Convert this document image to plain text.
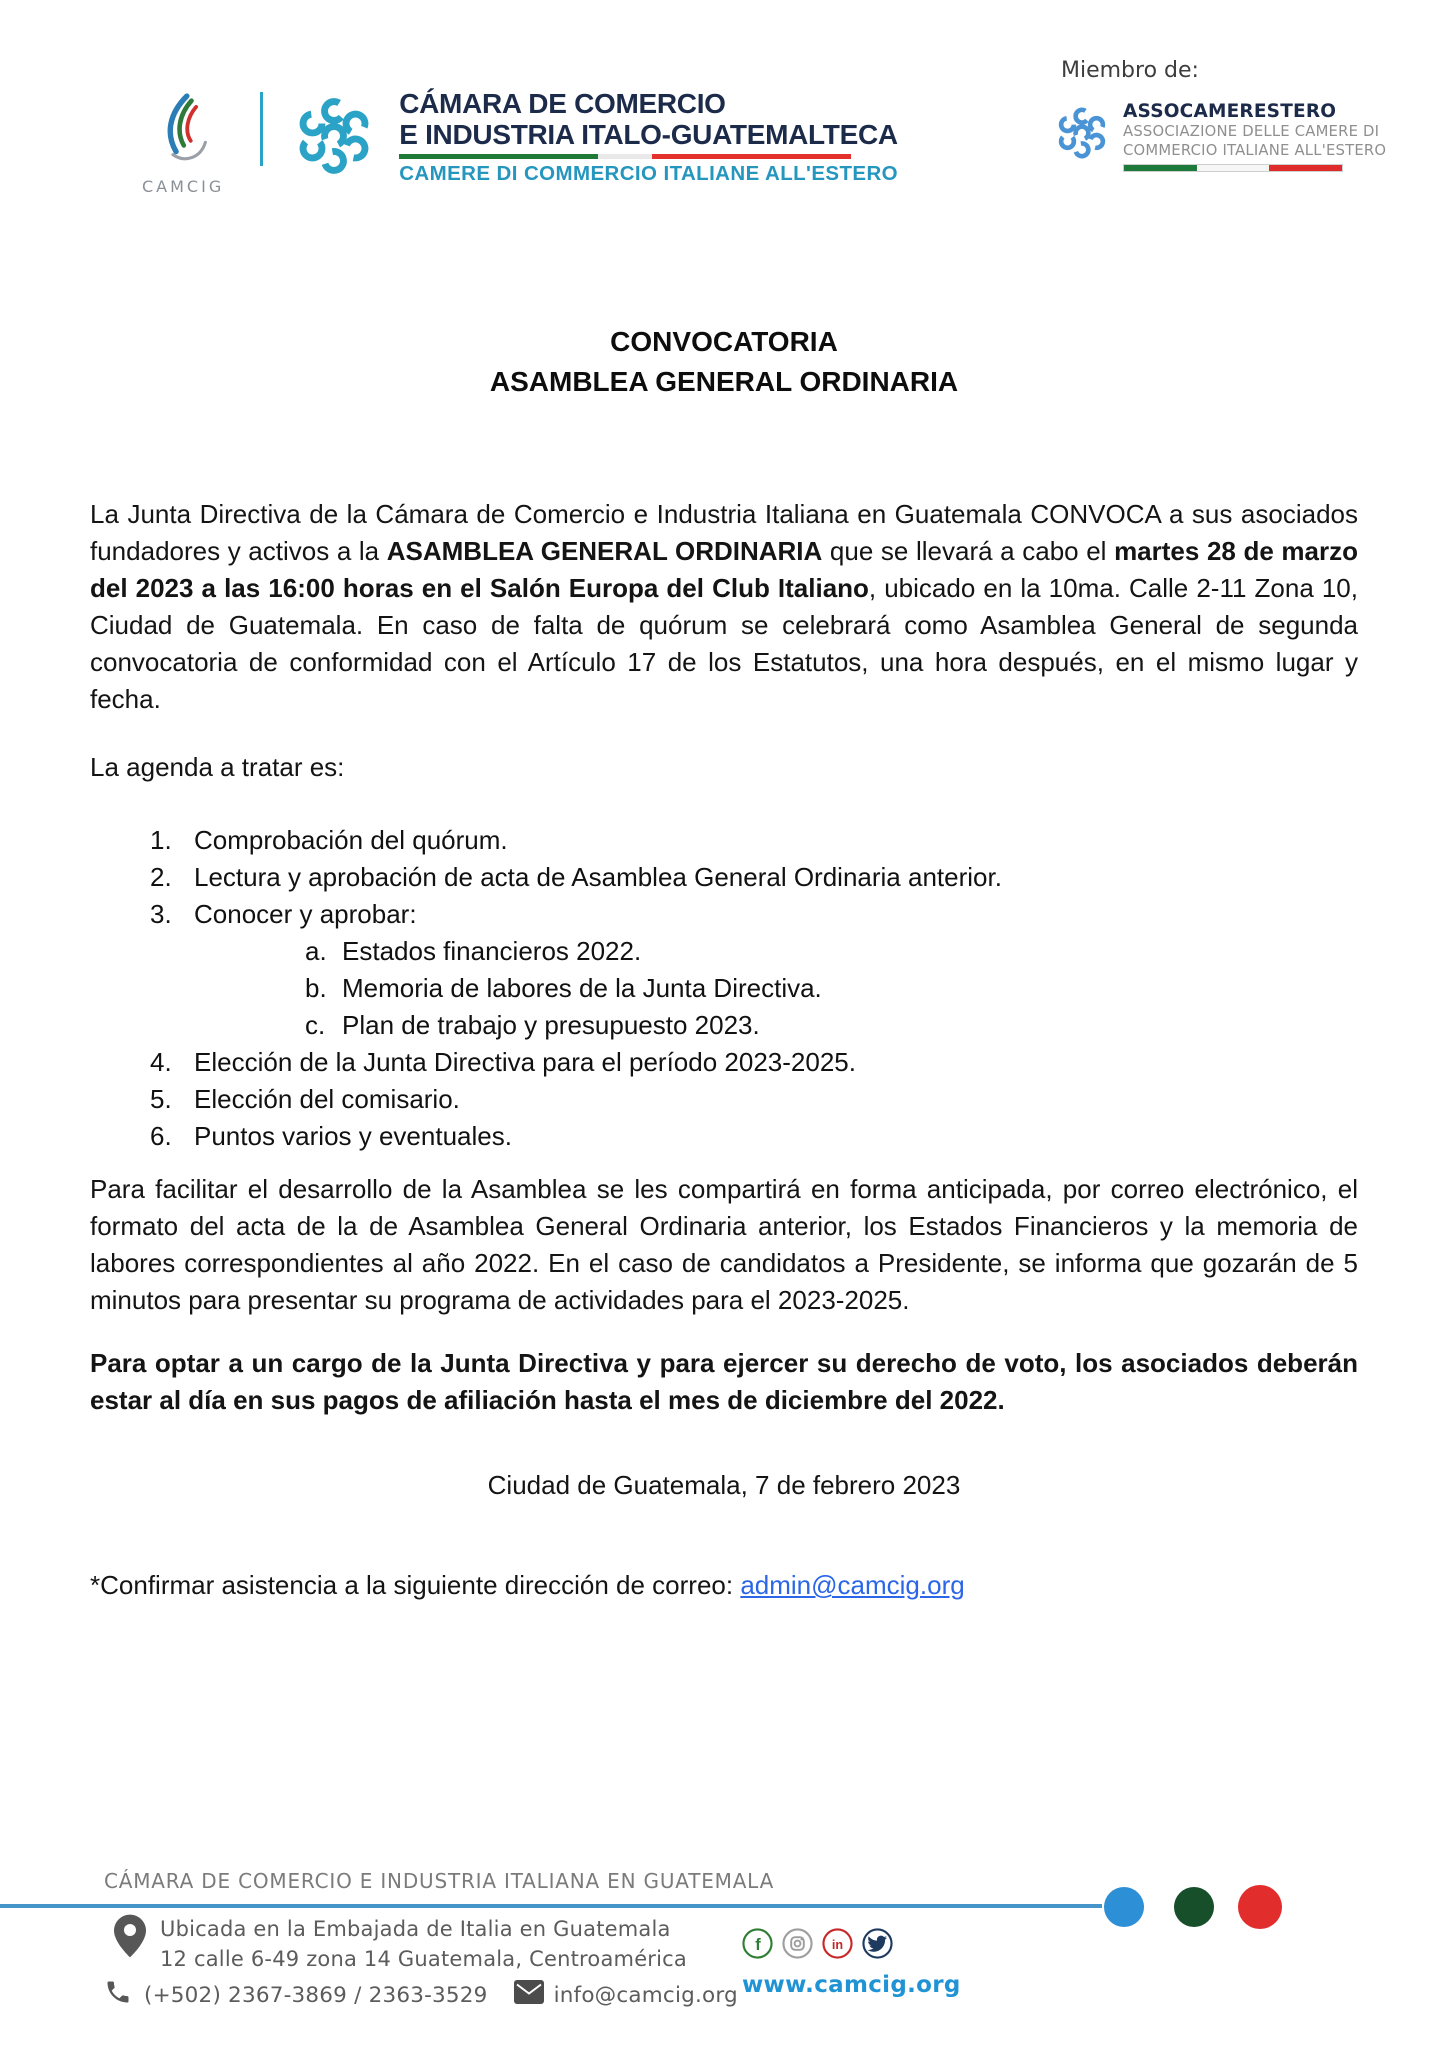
CAMCIG
CÁMARA DE COMERCIO
E INDUSTRIA ITALO-GUATEMALTECA
CAMERE DI COMMERCIO ITALIANE ALL'ESTERO
Miembro de:
ASSOCAMERESTERO
ASSOCIAZIONE DELLE CAMERE DI
COMMERCIO ITALIANE ALL'ESTERO
CONVOCATORIA
ASAMBLEA GENERAL ORDINARIA

La Junta Directiva de la Cámara de Comercio e Industria Italiana en Guatemala CONVOCA a sus asociados fundadores y activos a la ASAMBLEA GENERAL ORDINARIA que se llevará a cabo el martes 28 de marzo del 2023 a las 16:00 horas en el Salón Europa del Club Italiano, ubicado en la 10ma. Calle 2-11 Zona 10, Ciudad de Guatemala. En caso de falta de quórum se celebrará como Asamblea General de segunda convocatoria de conformidad con el Artículo 17 de los Estatutos, una hora después, en el mismo lugar y fecha.

La agenda a tratar es:

1. Comprobación del quórum.
2. Lectura y aprobación de acta de Asamblea General Ordinaria anterior.
3. Conocer y aprobar:
a. Estados financieros 2022.
b. Memoria de labores de la Junta Directiva.
c. Plan de trabajo y presupuesto 2023.
4. Elección de la Junta Directiva para el período 2023-2025.
5. Elección del comisario.
6. Puntos varios y eventuales.

Para facilitar el desarrollo de la Asamblea se les compartirá en forma anticipada, por correo electrónico, el formato del acta de la de Asamblea General Ordinaria anterior, los Estados Financieros y la memoria de labores correspondientes al año 2022. En el caso de candidatos a Presidente, se informa que gozarán de 5 minutos para presentar su programa de actividades para el 2023-2025.

Para optar a un cargo de la Junta Directiva y para ejercer su derecho de voto, los asociados deberán estar al día en sus pagos de afiliación hasta el mes de diciembre del 2022.

Ciudad de Guatemala, 7 de febrero 2023

*Confirmar asistencia a la siguiente dirección de correo: admin@camcig.org

CÁMARA DE COMERCIO E INDUSTRIA ITALIANA EN GUATEMALA
Ubicada en la Embajada de Italia en Guatemala
12 calle 6-49 zona 14 Guatemala, Centroamérica
(+502) 2367-3869 / 2363-3529	info@camcig.org
f	in
www.camcig.org
